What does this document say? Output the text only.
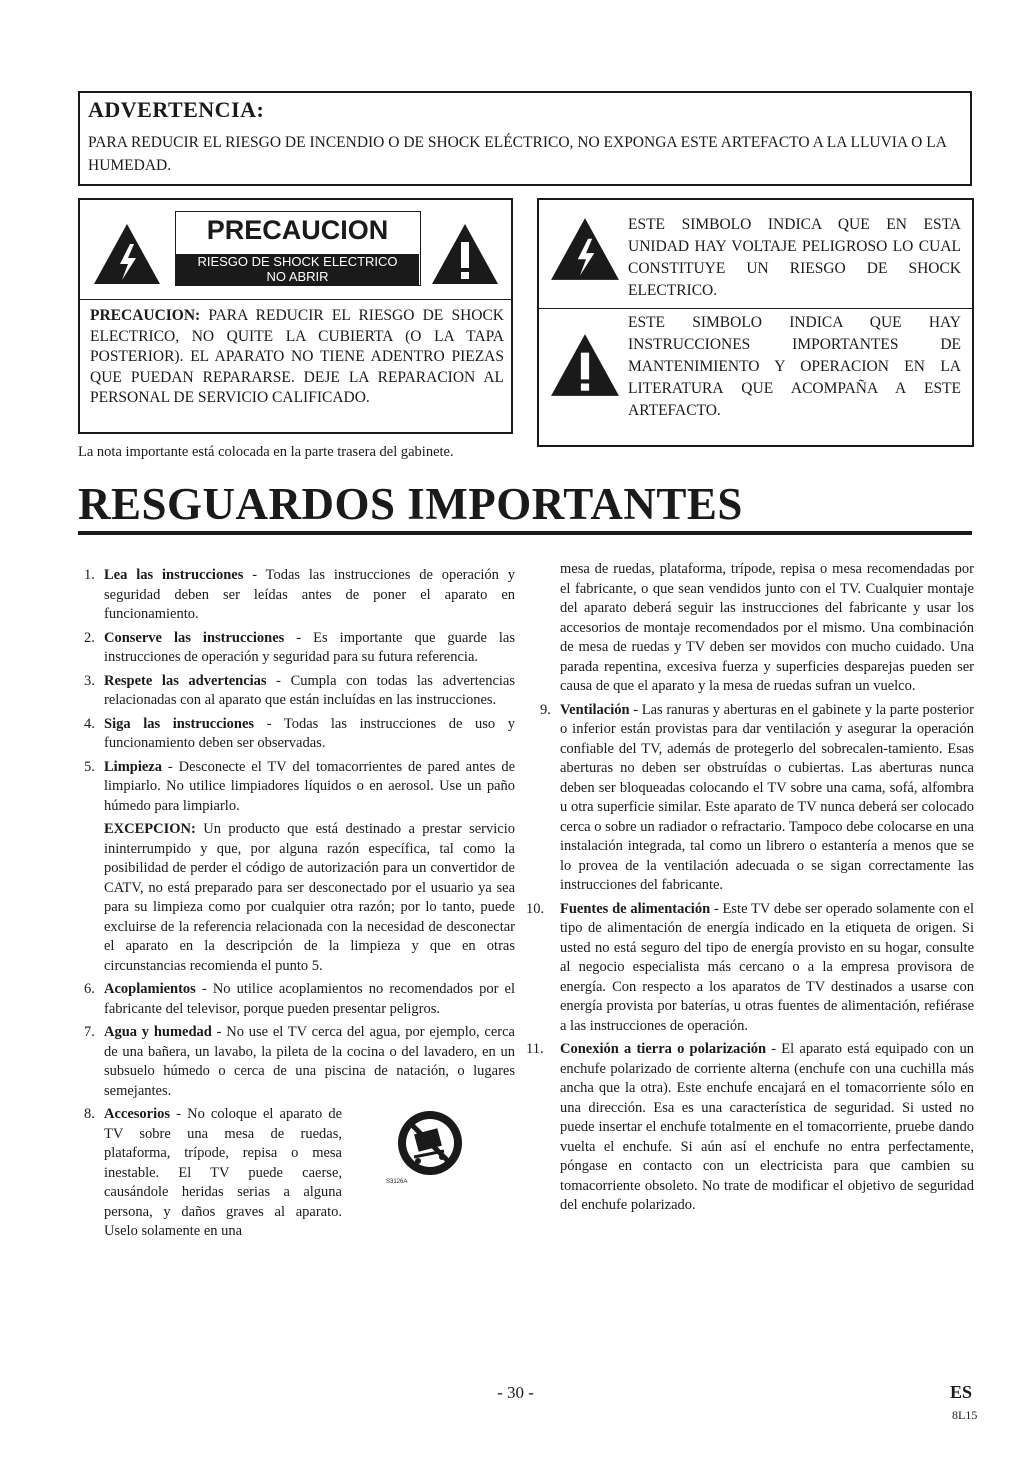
ADVERTENCIA:
PARA REDUCIR EL RIESGO DE INCENDIO O DE SHOCK ELÉCTRICO, NO EXPONGA ESTE ARTEFACTO A LA LLUVIA O LA HUMEDAD.
PRECAUCION
RIESGO DE SHOCK ELECTRICO
NO ABRIR
PRECAUCION: PARA REDUCIR EL RIESGO DE SHOCK ELECTRICO, NO QUITE LA CUBIERTA (O LA TAPA POSTERIOR). EL APARATO NO TIENE ADENTRO PIEZAS QUE PUEDAN REPARARSE. DEJE LA REPARACION AL PERSONAL DE SERVICIO CALIFICADO.
ESTE SIMBOLO INDICA QUE EN ESTA UNIDAD HAY VOLTAJE PELIGROSO LO CUAL CONSTITUYE UN RIESGO DE SHOCK ELECTRICO.
ESTE SIMBOLO INDICA QUE HAY INSTRUCCIONES IMPORTANTES DE MANTENIMIENTO Y OPERACION EN LA LITERATURA QUE ACOMPAÑA A ESTE ARTEFACTO.
La nota importante está colocada en la parte trasera del gabinete.
RESGUARDOS IMPORTANTES

1. Lea las instrucciones - Todas las instrucciones de operación y seguridad deben ser leídas antes de poner el aparato en funcionamiento.

2. Conserve las instrucciones - Es importante que guarde las instrucciones de operación y seguridad para su futura referencia.

3. Respete las advertencias - Cumpla con todas las advertencias relacionadas con al aparato que están incluídas en las instrucciones.

4. Siga las instrucciones - Todas las instrucciones de uso y funcionamiento deben ser observadas.

5. Limpieza - Desconecte el TV del tomacorrientes de pared antes de limpiarlo. No utilice limpiadores líquidos o en aerosol. Use un paño húmedo para limpiarlo.

EXCEPCION: Un producto que está destinado a prestar servicio ininterrumpido y que, por alguna razón específica, tal como la posibilidad de perder el código de autorización para un convertidor de CATV, no está preparado para ser desconectado por el usuario ya sea para su limpieza como por cualquier otra razón; por lo tanto, puede excluirse de la referencia relacionada con la necesidad de desconectar el aparato en la descripción de la limpieza y que en otras circunstancias recomienda el punto 5.

6. Acoplamientos - No utilice acoplamientos no recomendados por el fabricante del televisor, porque pueden presentar peligros.

7. Agua y humedad - No use el TV cerca del agua, por ejemplo, cerca de una bañera, un lavabo, la pileta de la cocina o del lavadero, en un subsuelo húmedo o cerca de una piscina de natación, o lugares semejantes.

8. Accesorios - No coloque el aparato de TV sobre una mesa de ruedas, plataforma, trípode, repisa o mesa inestable. El TV puede caerse, causándole heridas serias a alguna persona, y daños graves al aparato. Uselo solamente en una

S3126A

mesa de ruedas, plataforma, trípode, repisa o mesa recomendadas por el fabricante, o que sean vendidos junto con el TV. Cualquier montaje del aparato deberá seguir las instrucciones del fabricante y usar los accesorios de montaje recomendados por el mismo. Una combinación de mesa de ruedas y TV deben ser movidos con mucho cuidado. Una parada repentina, excesiva fuerza y superficies desparejas pueden ser causa de que el aparato y la mesa de ruedas sufran un vuelco.

9. Ventilación - Las ranuras y aberturas en el gabinete y la parte posterior o inferior están provistas para dar ventilación y asegurar la operación confiable del TV, además de protegerlo del sobrecalen-tamiento. Esas aberturas no deben ser obstruídas o cubiertas. Las aberturas nunca deben ser bloqueadas colocando el TV sobre una cama, sofá, alfombra u otra superficie similar. Este aparato de TV nunca deberá ser colocado cerca o sobre un radiador o refractario. Tampoco debe colocarse en una instalación integrada, tal como un librero o estantería a menos que se lo provea de la ventilación adecuada o se sigan correctamente las instrucciones del fabricante.

10. Fuentes de alimentación - Este TV debe ser operado solamente con el tipo de alimentación de energía indicado en la etiqueta de origen. Si usted no está seguro del tipo de energía provisto en su hogar, consulte al negocio especialista más cercano o a la empresa provisora de energía. Con respecto a los aparatos de TV destinados a usarse con energía provista por baterías, u otras fuentes de alimentación, refiérase a las instrucciones de operación.

11. Conexión a tierra o polarización - El aparato está equipado con un enchufe polarizado de corriente alterna (enchufe con una cuchilla más ancha que la otra). Este enchufe encajará en el tomacorriente sólo en una dirección. Esa es una característica de seguridad. Si usted no puede insertar el enchufe totalmente en el tomacorriente, pruebe dando vuelta el enchufe. Si aún así el enchufe no entra perfectamente, póngase en contacto con un electricista para que cambien su tomacorriente obsoleto. No trate de modificar el objetivo de seguridad del enchufe polarizado.

- 30 -	ES
8L15
